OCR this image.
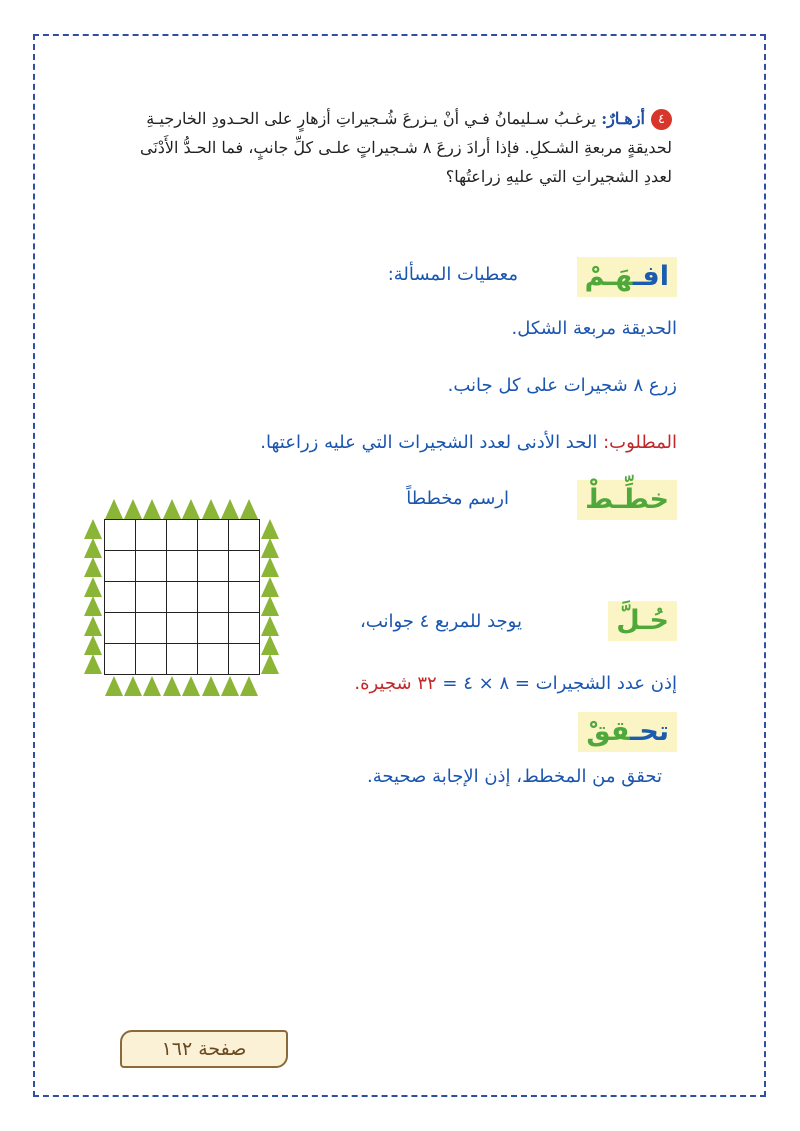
٤أزهـارٌ: يرغـبُ سـليمانُ فـي أنْ يـزرعَ شُـجيراتِ أزهارٍ على الحـدودِ الخارجيـةِ لحديقةٍ مربعةِ الشـكلِ. فإذا أرادَ زرعَ ٨ شـجيراتٍ علـى كلِّ جانبٍ، فما الحـدُّ الأَدْنَى لعددِ الشجيراتِ التي عليهِ زراعتُها؟
افـهَـمْ
معطيات المسألة:
الحديقة مربعة الشكل.
زرع ٨ شجيرات على كل جانب.
المطلوب: الحد الأدنى لعدد الشجيرات التي عليه زراعتها.
خطِّـطْ
ارسم مخططاً
حُـلَّ
يوجد للمربع ٤ جوانب،
إذن عدد الشجيرات = ٨ × ٤ = ٣٢ شجيرة.
تحـقق
تحقق من المخطط، إذن الإجابة صحيحة.
صفحة ١٦٢
